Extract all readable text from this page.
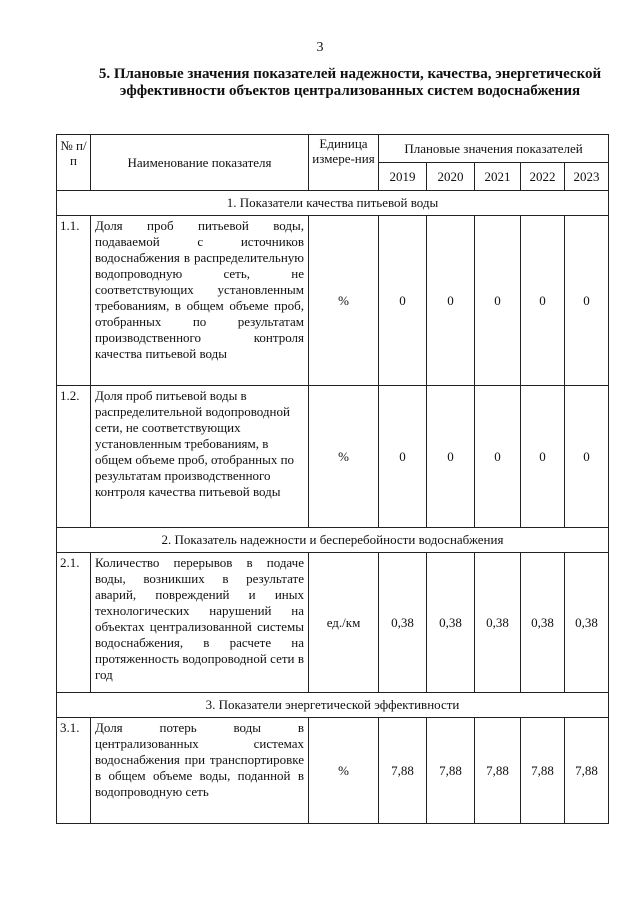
3
5. Плановые значения показателей надежности, качества, энергетической эффективности объектов централизованных систем водоснабжения
№ п/п	Наименование показателя	Единица измере-ния	Плановые значения показателей				
			2019	2020	2021	2022	2023
1. Показатели качества питьевой воды							
1.1.	Доля проб питьевой воды, подаваемой с источников водоснабжения в распределительную водопроводную сеть, не соответствующих установленным требованиям, в общем объеме проб, отобранных по результатам производственного контроля качества питьевой воды	%	0	0	0	0	0
1.2.	Доля проб питьевой воды в распределительной водопроводной сети, не соответствующих установленным требованиям, в общем объеме проб, отобранных по результатам производственного контроля качества питьевой воды	%	0	0	0	0	0
2. Показатель надежности и бесперебойности водоснабжения							
2.1.	Количество перерывов в подаче воды, возникших в результате аварий, повреждений и иных технологических нарушений на объектах централизованной системы водоснабжения, в расчете на протяженность водопроводной сети в год	ед./км	0,38	0,38	0,38	0,38	0,38
3. Показатели энергетической эффективности							
3.1.	Доля потерь воды в централизованных системах водоснабжения при транспортировке в общем объеме воды, поданной в водопроводную сеть	%	7,88	7,88	7,88	7,88	7,88
